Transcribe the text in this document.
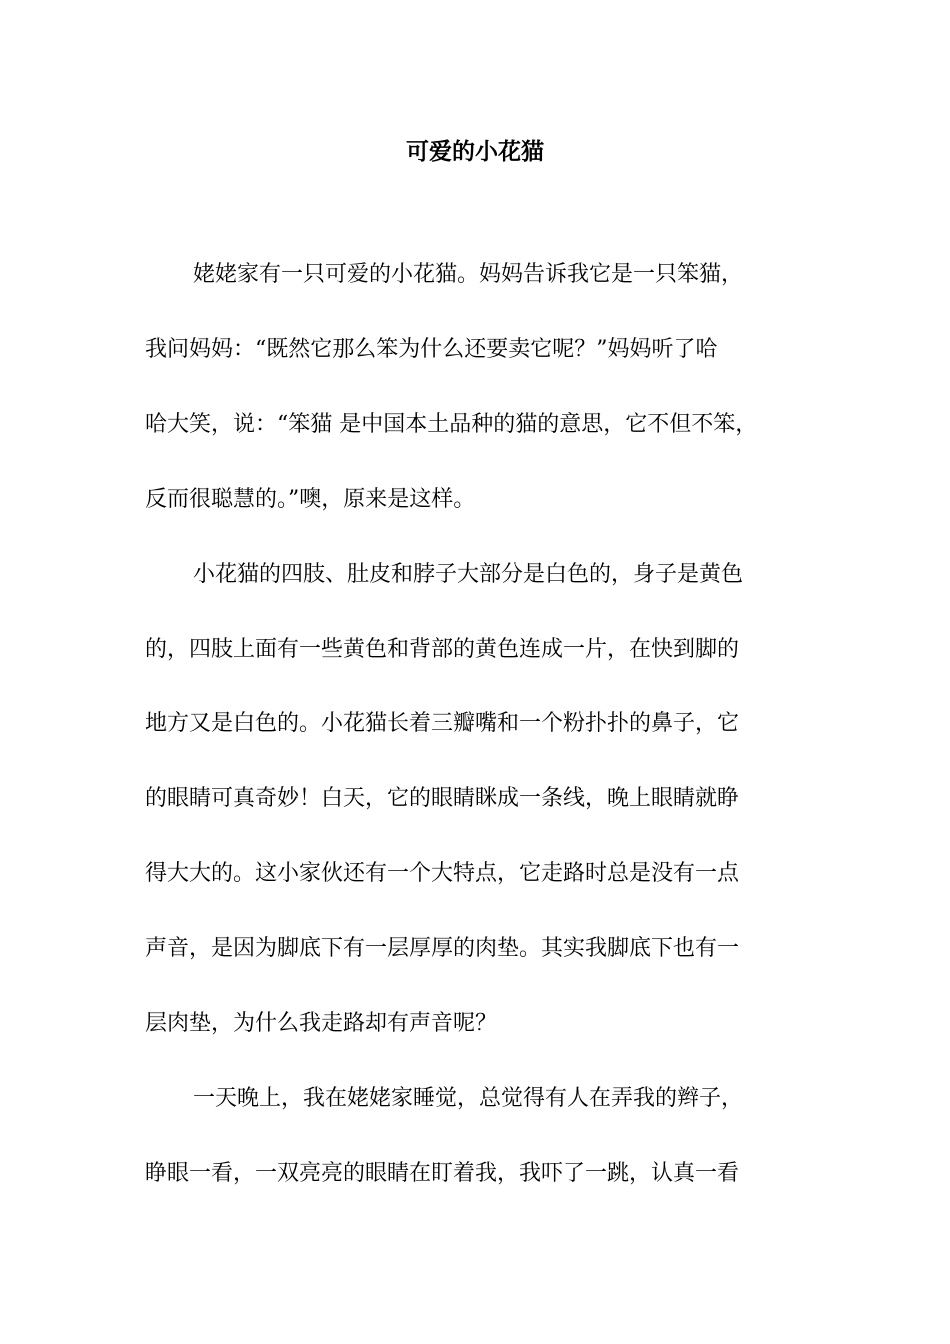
可爱的小花猫

姥姥家有一只可爱的小花猫。妈妈告诉我它是一只笨猫，

我问妈妈：“既然它那么笨为什么还要卖它呢？”妈妈听了哈

哈大笑，说：“笨猫 是中国本土品种的猫的意思，它不但不笨，

反而很聪慧的。”噢，原来是这样。

小花猫的四肢、肚皮和脖子大部分是白色的，身子是黄色

的，四肢上面有一些黄色和背部的黄色连成一片，在快到脚的

地方又是白色的。小花猫长着三瓣嘴和一个粉扑扑的鼻子，它

的眼睛可真奇妙！白天，它的眼睛眯成一条线，晚上眼睛就睁

得大大的。这小家伙还有一个大特点，它走路时总是没有一点

声音，是因为脚底下有一层厚厚的肉垫。其实我脚底下也有一

层肉垫，为什么我走路却有声音呢？

一天晚上，我在姥姥家睡觉，总觉得有人在弄我的辫子，

睁眼一看，一双亮亮的眼睛在盯着我，我吓了一跳，认真一看
